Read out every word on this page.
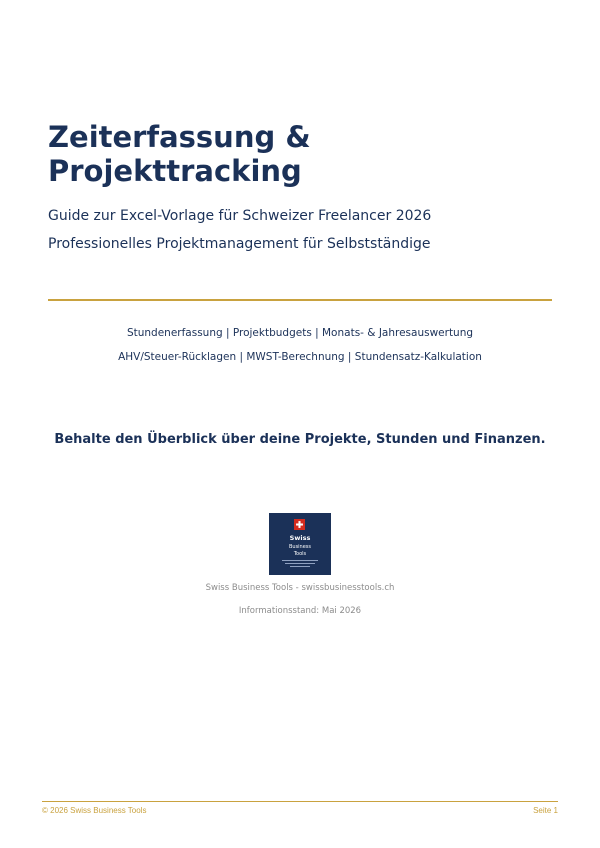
Zeiterfassung &
Projekttracking

Guide zur Excel-Vorlage für Schweizer Freelancer 2026

Professionelles Projektmanagement für Selbstständige

Stundenerfassung | Projektbudgets | Monats- & Jahresauswertung

AHV/Steuer-Rücklagen | MWST-Berechnung | Stundensatz-Kalkulation

Behalte den Überblick über deine Projekte, Stunden und Finanzen.

Swiss
Business
Tools

Swiss Business Tools - swissbusinesstools.ch

Informationsstand: Mai 2026

© 2026 Swiss Business Tools	Seite 1
